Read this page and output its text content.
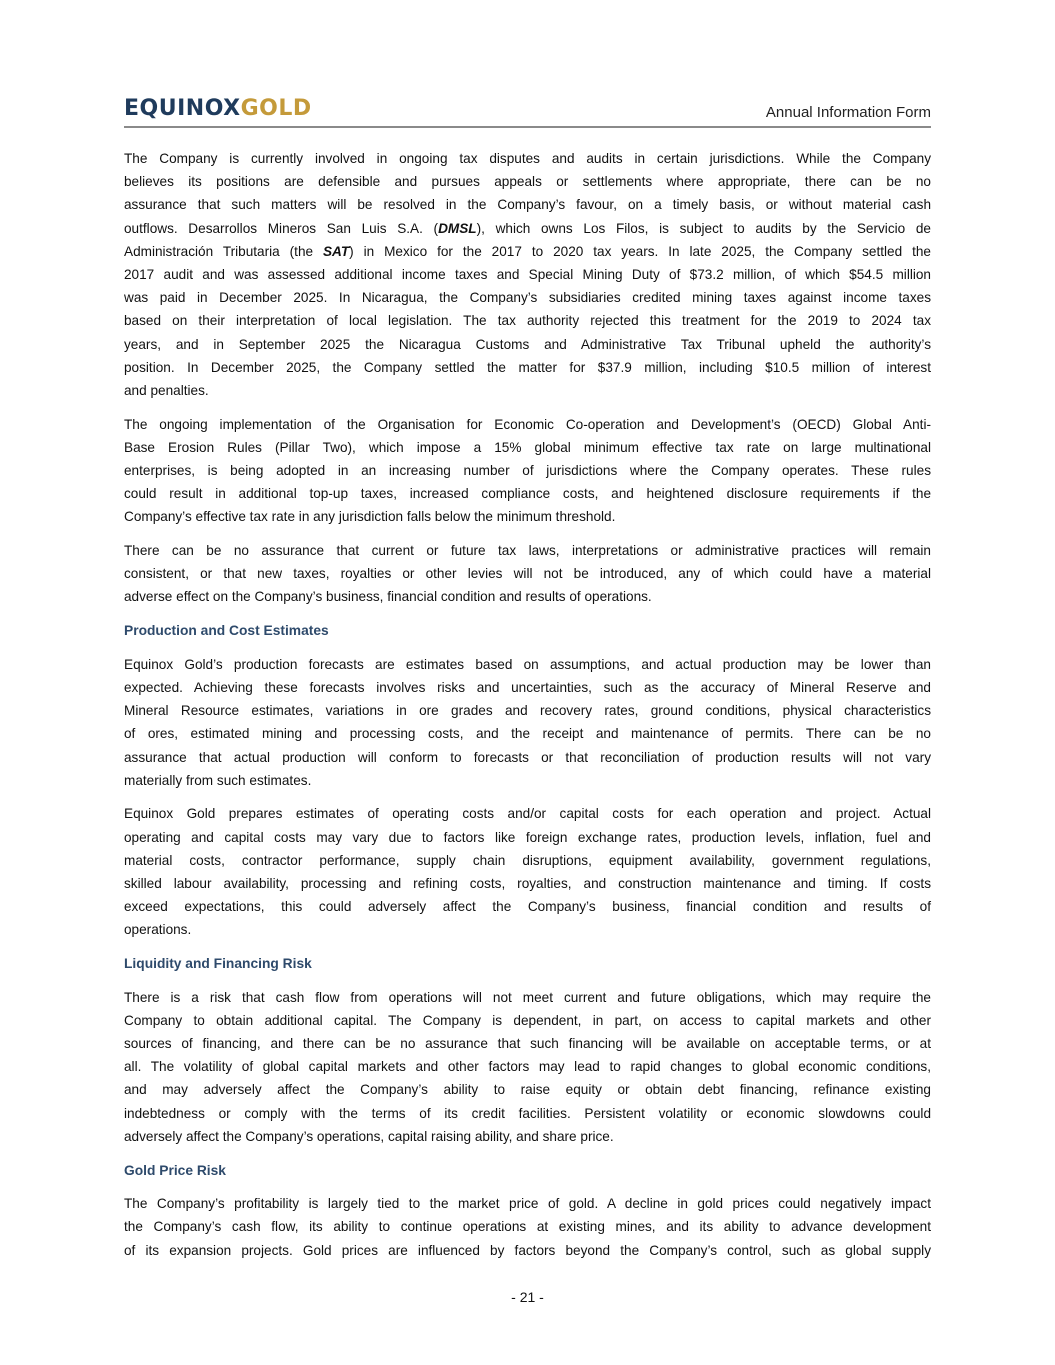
EQUINOXGOLD	Annual Information Form
The Company is currently involved in ongoing tax disputes and audits in certain jurisdictions. While the Company
believes its positions are defensible and pursues appeals or settlements where appropriate, there can be no
assurance that such matters will be resolved in the Company’s favour, on a timely basis, or without material cash
outflows. Desarrollos Mineros San Luis S.A. (DMSL), which owns Los Filos, is subject to audits by the Servicio de
Administración Tributaria (the SAT) in Mexico for the 2017 to 2020 tax years. In late 2025, the Company settled the
2017 audit and was assessed additional income taxes and Special Mining Duty of $73.2 million, of which $54.5 million
was paid in December 2025. In Nicaragua, the Company’s subsidiaries credited mining taxes against income taxes
based on their interpretation of local legislation. The tax authority rejected this treatment for the 2019 to 2024 tax
years, and in September 2025 the Nicaragua Customs and Administrative Tax Tribunal upheld the authority’s
position. In December 2025, the Company settled the matter for $37.9 million, including $10.5 million of interest
and penalties.
The ongoing implementation of the Organisation for Economic Co-operation and Development’s (OECD) Global Anti-
Base Erosion Rules (Pillar Two), which impose a 15% global minimum effective tax rate on large multinational
enterprises, is being adopted in an increasing number of jurisdictions where the Company operates. These rules
could result in additional top-up taxes, increased compliance costs, and heightened disclosure requirements if the
Company’s effective tax rate in any jurisdiction falls below the minimum threshold.
There can be no assurance that current or future tax laws, interpretations or administrative practices will remain
consistent, or that new taxes, royalties or other levies will not be introduced, any of which could have a material
adverse effect on the Company’s business, financial condition and results of operations.
Production and Cost Estimates
Equinox Gold’s production forecasts are estimates based on assumptions, and actual production may be lower than
expected. Achieving these forecasts involves risks and uncertainties, such as the accuracy of Mineral Reserve and
Mineral Resource estimates, variations in ore grades and recovery rates, ground conditions, physical characteristics
of ores, estimated mining and processing costs, and the receipt and maintenance of permits. There can be no
assurance that actual production will conform to forecasts or that reconciliation of production results will not vary
materially from such estimates.
Equinox Gold prepares estimates of operating costs and/or capital costs for each operation and project. Actual
operating and capital costs may vary due to factors like foreign exchange rates, production levels, inflation, fuel and
material costs, contractor performance, supply chain disruptions, equipment availability, government regulations,
skilled labour availability, processing and refining costs, royalties, and construction maintenance and timing. If costs
exceed expectations, this could adversely affect the Company’s business, financial condition and results of
operations.
Liquidity and Financing Risk
There is a risk that cash flow from operations will not meet current and future obligations, which may require the
Company to obtain additional capital. The Company is dependent, in part, on access to capital markets and other
sources of financing, and there can be no assurance that such financing will be available on acceptable terms, or at
all. The volatility of global capital markets and other factors may lead to rapid changes to global economic conditions,
and may adversely affect the Company’s ability to raise equity or obtain debt financing, refinance existing
indebtedness or comply with the terms of its credit facilities. Persistent volatility or economic slowdowns could
adversely affect the Company’s operations, capital raising ability, and share price.
Gold Price Risk
The Company’s profitability is largely tied to the market price of gold. A decline in gold prices could negatively impact
the Company’s cash flow, its ability to continue operations at existing mines, and its ability to advance development
of its expansion projects. Gold prices are influenced by factors beyond the Company’s control, such as global supply
- 21 -
